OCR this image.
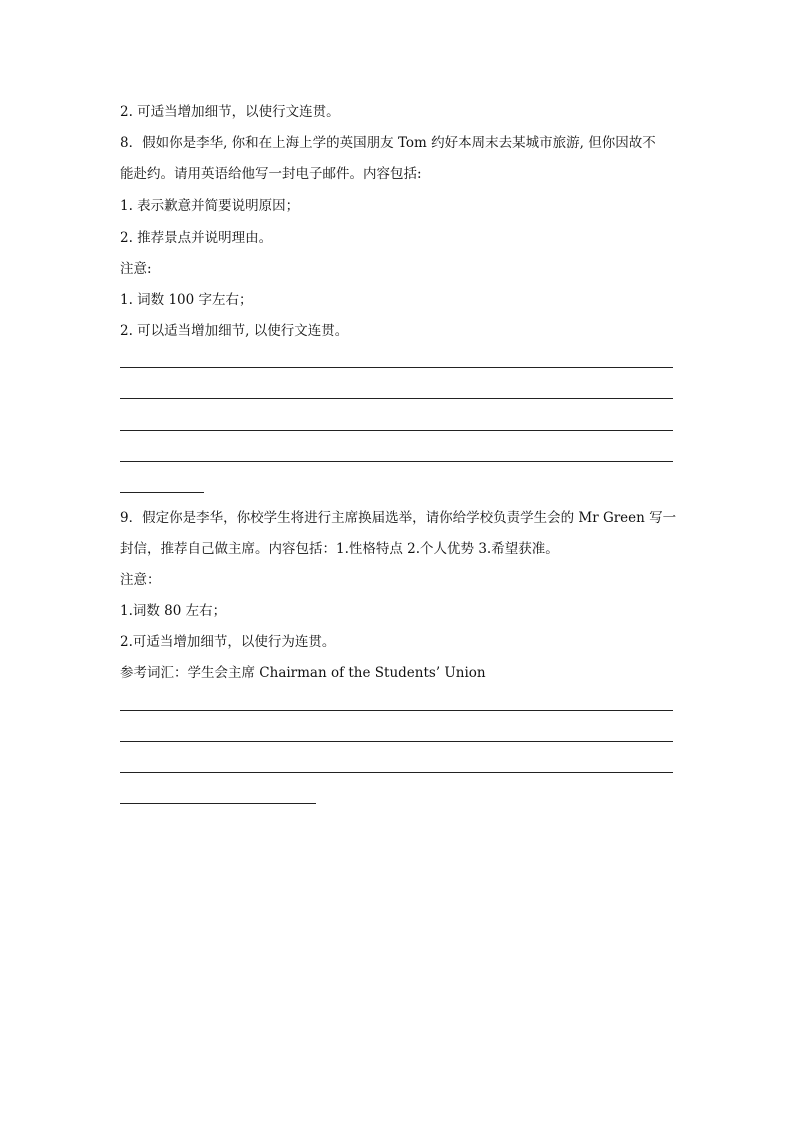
2. 可适当增加细节，以使行文连贯。
8．假如你是李华, 你和在上海上学的英国朋友 Tom 约好本周末去某城市旅游, 但你因故不
能赴约。请用英语给他写一封电子邮件。内容包括:
1. 表示歉意并简要说明原因；
2. 推荐景点并说明理由。
注意:
1. 词数 100 字左右；
2. 可以适当增加细节, 以使行文连贯。
9．假定你是李华，你校学生将进行主席换届选举，请你给学校负责学生会的 Mr Green 写一
封信，推荐自己做主席。内容包括：1.性格特点 2.个人优势 3.希望获准。
注意：
1.词数 80 左右；
2.可适当增加细节，以使行为连贯。
参考词汇：学生会主席 Chairman of the Students’ Union
